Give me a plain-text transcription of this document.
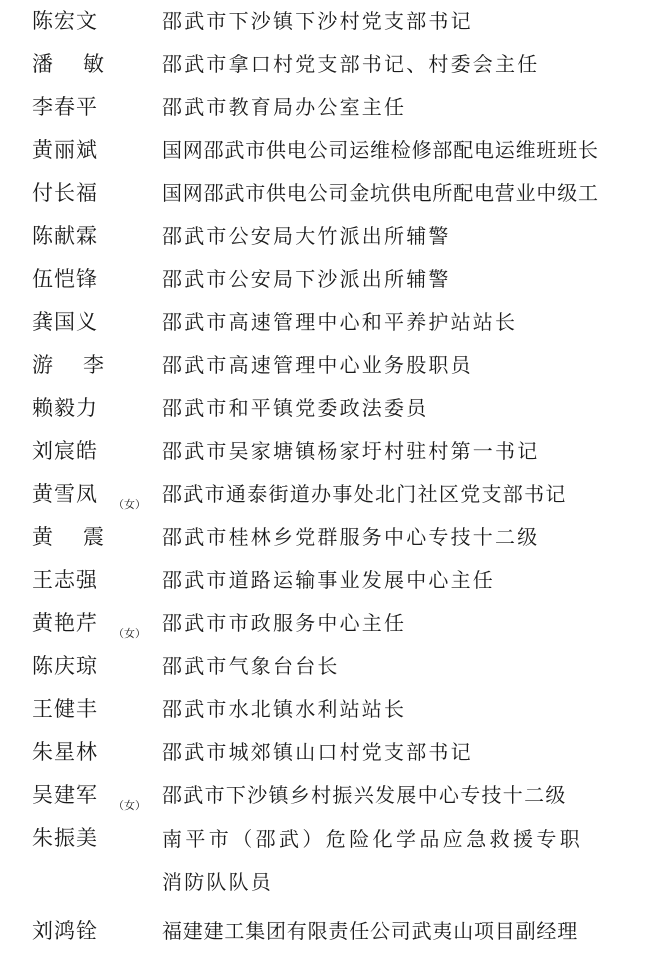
陈宏文	邵武市下沙镇下沙村党支部书记
潘 敏	邵武市拿口村党支部书记、村委会主任
李春平	邵武市教育局办公室主任
黄丽斌	国网邵武市供电公司运维检修部配电运维班班长
付长福	国网邵武市供电公司金坑供电所配电营业中级工
陈献霖	邵武市公安局大竹派出所辅警
伍恺锋	邵武市公安局下沙派出所辅警
龚国义	邵武市高速管理中心和平养护站站长
游 李	邵武市高速管理中心业务股职员
赖毅力	邵武市和平镇党委政法委员
刘宸皓	邵武市吴家塘镇杨家圩村驻村第一书记
黄雪凤 （女） 邵武市通泰街道办事处北门社区党支部书记
黄 震	邵武市桂林乡党群服务中心专技十二级
王志强	邵武市道路运输事业发展中心主任
黄艳芹 （女） 邵武市市政服务中心主任
陈庆琼	邵武市气象台台长
王健丰	邵武市水北镇水利站站长
朱星林	邵武市城郊镇山口村党支部书记
吴建军 （女） 邵武市下沙镇乡村振兴发展中心专技十二级
朱振美	南平市（邵武）危险化学品应急救援专职
消防队队员
刘鸿铨	福建建工集团有限责任公司武夷山项目副经理
